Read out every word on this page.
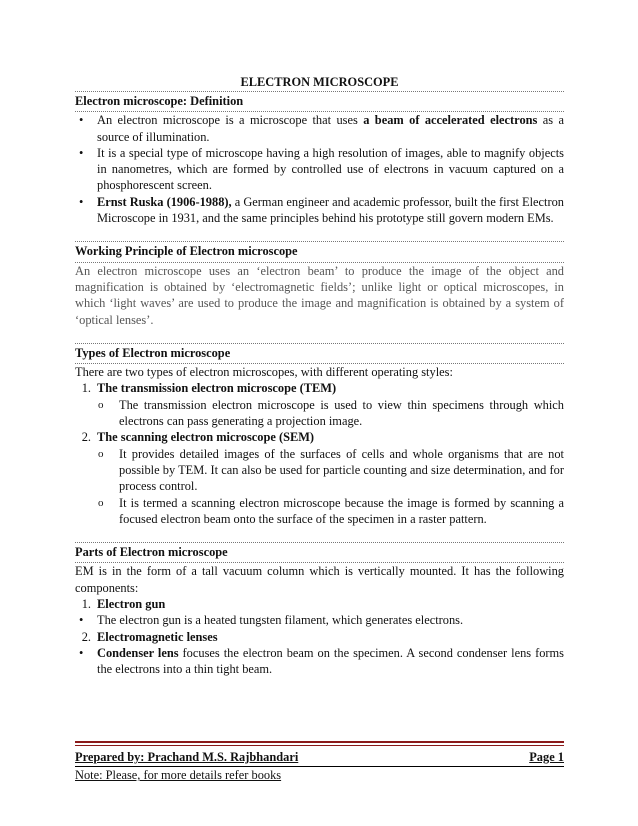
ELECTRON MICROSCOPE
Electron microscope: Definition
• An electron microscope is a microscope that uses a beam of accelerated electrons as a source of illumination.
• It is a special type of microscope having a high resolution of images, able to magnify objects in nanometres, which are formed by controlled use of electrons in vacuum captured on a phosphorescent screen.
• Ernst Ruska (1906-1988), a German engineer and academic professor, built the first Electron Microscope in 1931, and the same principles behind his prototype still govern modern EMs.
Working Principle of Electron microscope
An electron microscope uses an ‘electron beam’ to produce the image of the object and magnification is obtained by ‘electromagnetic fields’; unlike light or optical microscopes, in which ‘light waves’ are used to produce the image and magnification is obtained by a system of ‘optical lenses’.
Types of Electron microscope
There are two types of electron microscopes, with different operating styles:
1. The transmission electron microscope (TEM)
o The transmission electron microscope is used to view thin specimens through which electrons can pass generating a projection image.
2. The scanning electron microscope (SEM)
o It provides detailed images of the surfaces of cells and whole organisms that are not possible by TEM. It can also be used for particle counting and size determination, and for process control.
o It is termed a scanning electron microscope because the image is formed by scanning a focused electron beam onto the surface of the specimen in a raster pattern.
Parts of Electron microscope
EM is in the form of a tall vacuum column which is vertically mounted. It has the following components:
1. Electron gun
• The electron gun is a heated tungsten filament, which generates electrons.
2. Electromagnetic lenses
• Condenser lens focuses the electron beam on the specimen. A second condenser lens forms the electrons into a thin tight beam.
Prepared by: Prachand M.S. Rajbhandari	Page 1
Note: Please, for more details refer books
